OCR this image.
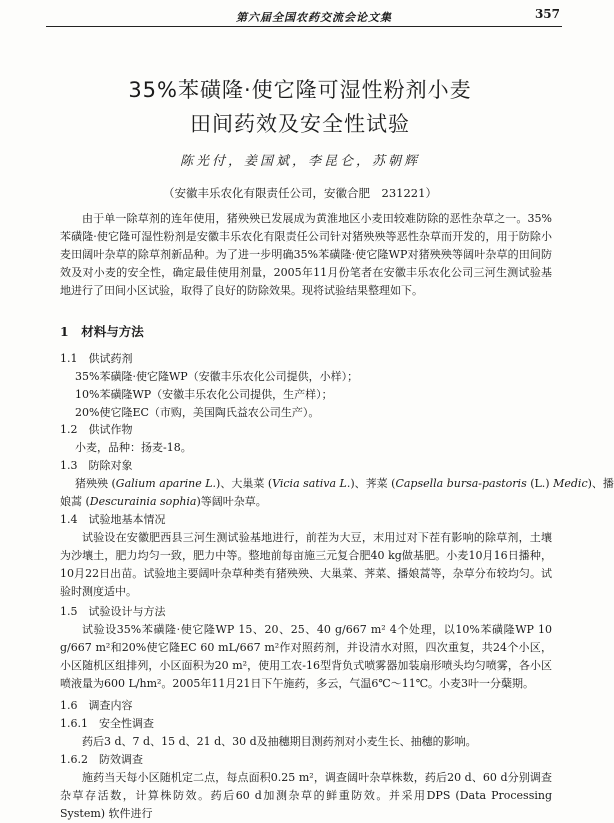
第六届全国农药交流会论文集	357
35%苯磺隆·使它隆可湿性粉剂小麦
田间药效及安全性试验
陈光付，姜国斌，李昆仑，苏朝辉
（安徽丰乐农化有限责任公司，安徽合肥　231221）
由于单一除草剂的连年使用，猪殃殃已发展成为黄淮地区小麦田较难防除的恶性杂草之一。35%苯磺隆·使它隆可湿性粉剂是安徽丰乐农化有限责任公司针对猪殃殃等恶性杂草而开发的，用于防除小麦田阔叶杂草的除草剂新品种。为了进一步明确35%苯磺隆·使它隆WP对猪殃殃等阔叶杂草的田间防效及对小麦的安全性，确定最佳使用剂量，2005年11月份笔者在安徽丰乐农化公司三河生测试验基地进行了田间小区试验，取得了良好的防除效果。现将试验结果整理如下。
1　材料与方法
1.1　供试药剂
35%苯磺隆·使它隆WP（安徽丰乐农化公司提供，小样）；
10%苯磺隆WP（安徽丰乐农化公司提供，生产样）；
20%使它隆EC（市购，美国陶氏益农公司生产）。
1.2　供试作物
小麦，品种：扬麦-18。
1.3　防除对象
猪殃殃 (Galium aparine L.)、大巢菜 (Vicia sativa L.)、荠菜 (Capsella bursa-pastoris (L.) Medic)、播
娘蒿 (Descurainia sophia)等阔叶杂草。
1.4　试验地基本情况
试验设在安徽肥西县三河生测试验基地进行，前茬为大豆，末用过对下茬有影响的除草剂，土壤为沙壤土，肥力均匀一致，肥力中等。整地前每亩施三元复合肥40 kg做基肥。小麦10月16日播种，10月22日出苗。试验地主要阔叶杂草种类有猪殃殃、大巢菜、荠菜、播娘蒿等，杂草分布较均匀。试验时测度适中。
1.5　试验设计与方法
试验设35%苯磺隆·使它隆WP 15、20、25、40 g/667 m² 4个处理，以10%苯磺隆WP 10 g/667 m²和20%使它隆EC 60 mL/667 m²作对照药剂，并设清水对照，四次重复，共24个小区，小区随机区组排列，小区面积为20 m²，使用工农-16型背负式喷雾器加装扇形喷头均匀喷雾，各小区喷液量为600 L/hm²。2005年11月21日下午施药，多云，气温6℃～11℃。小麦3叶一分蘖期。
1.6　调查内容
1.6.1　安全性调查
药后3 d、7 d、15 d、21 d、30 d及抽穗期目测药剂对小麦生长、抽穗的影响。
1.6.2　防效调查
施药当天每小区随机定二点，每点面积0.25 m²，调查阔叶杂草株数，药后20 d、60 d分别调查杂草存活数，计算株防效。药后60 d加测杂草的鲜重防效。并采用DPS (Data Processing System) 软件进行
